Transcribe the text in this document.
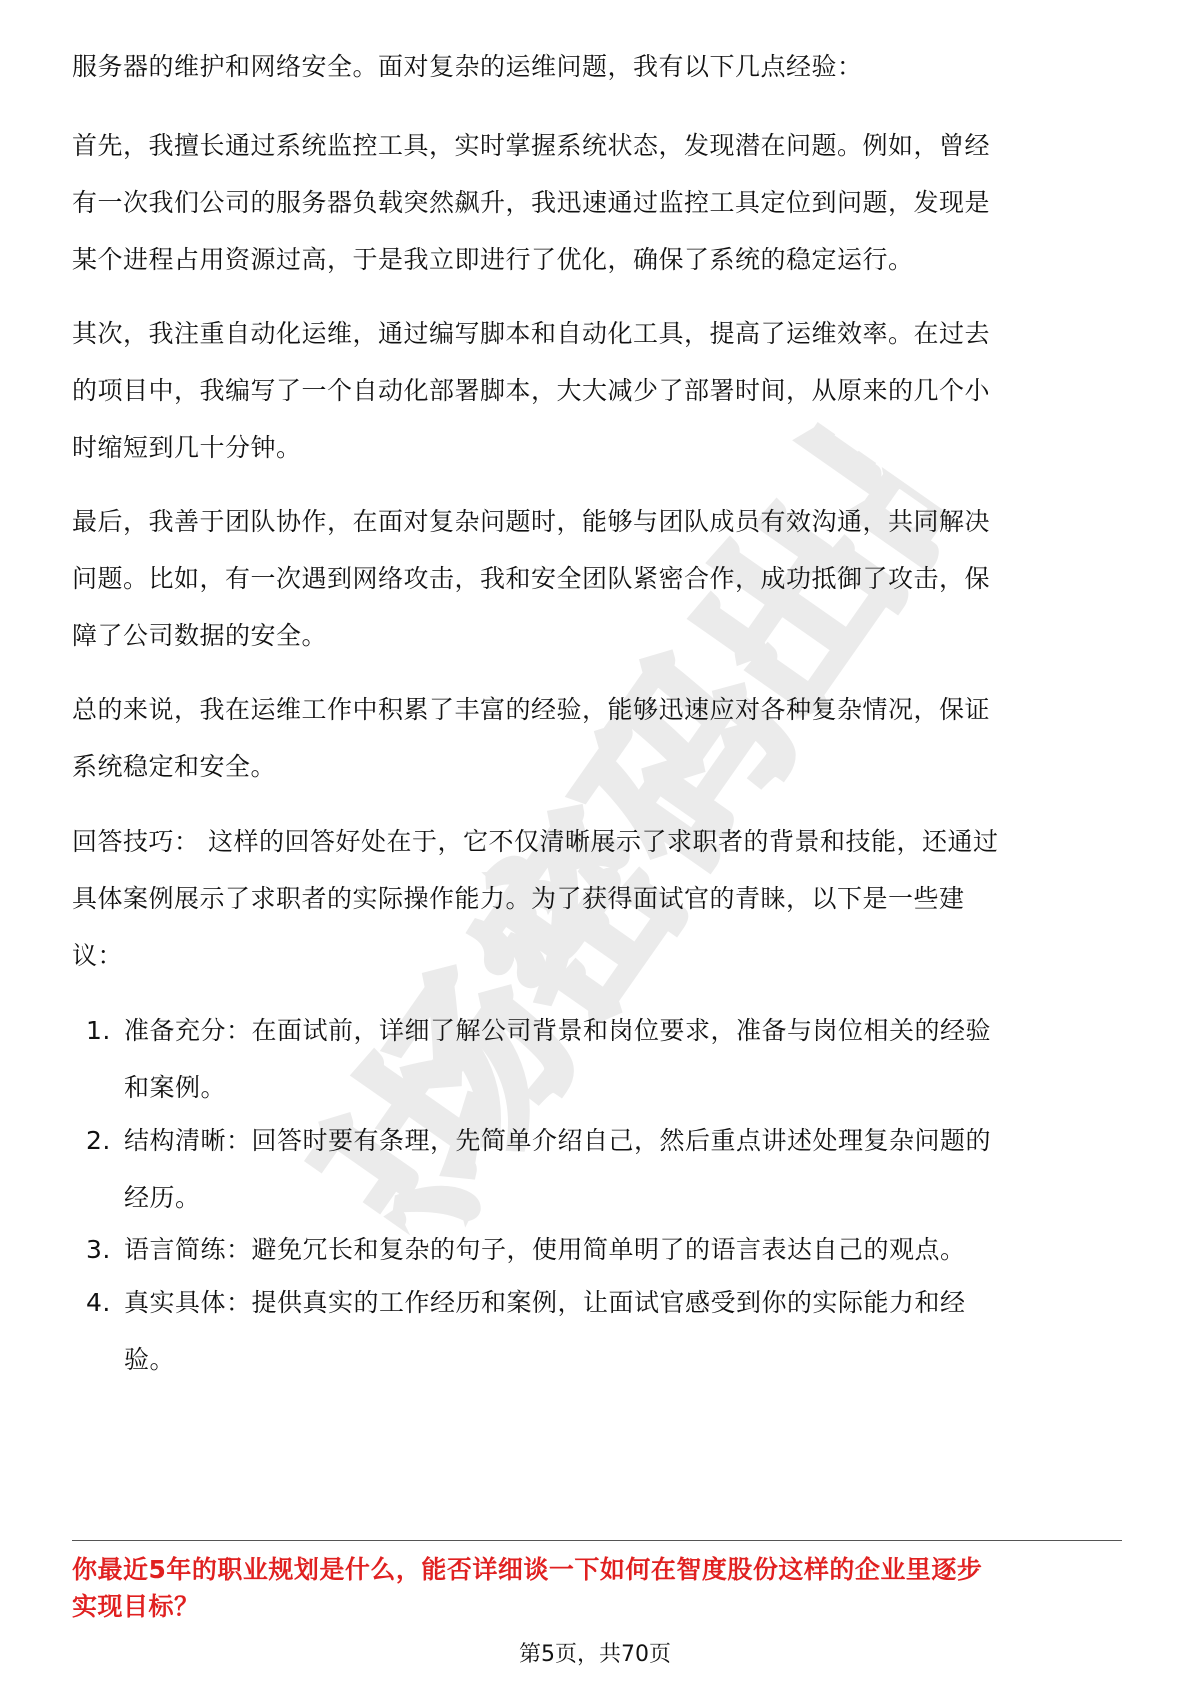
职场密码出品

服务器的维护和网络安全。面对复杂的运维问题，我有以下几点经验：

首先，我擅长通过系统监控工具，实时掌握系统状态，发现潜在问题。例如，曾经
有一次我们公司的服务器负载突然飙升，我迅速通过监控工具定位到问题，发现是
某个进程占用资源过高，于是我立即进行了优化，确保了系统的稳定运行。

其次，我注重自动化运维，通过编写脚本和自动化工具，提高了运维效率。在过去
的项目中，我编写了一个自动化部署脚本，大大减少了部署时间，从原来的几个小
时缩短到几十分钟。

最后，我善于团队协作，在面对复杂问题时，能够与团队成员有效沟通，共同解决
问题。比如，有一次遇到网络攻击，我和安全团队紧密合作，成功抵御了攻击，保
障了公司数据的安全。

总的来说，我在运维工作中积累了丰富的经验，能够迅速应对各种复杂情况，保证
系统稳定和安全。

回答技巧： 这样的回答好处在于，它不仅清晰展示了求职者的背景和技能，还通过
具体案例展示了求职者的实际操作能力。为了获得面试官的青睐，以下是一些建
议：

1. 准备充分：在面试前，详细了解公司背景和岗位要求，准备与岗位相关的经验
和案例。
2. 结构清晰：回答时要有条理，先简单介绍自己，然后重点讲述处理复杂问题的
经历。
3. 语言简练：避免冗长和复杂的句子，使用简单明了的语言表达自己的观点。
4. 真实具体：提供真实的工作经历和案例，让面试官感受到你的实际能力和经
验。
你最近5年的职业规划是什么，能否详细谈一下如何在智度股份这样的企业里逐步
实现目标？
第5页，共70页
